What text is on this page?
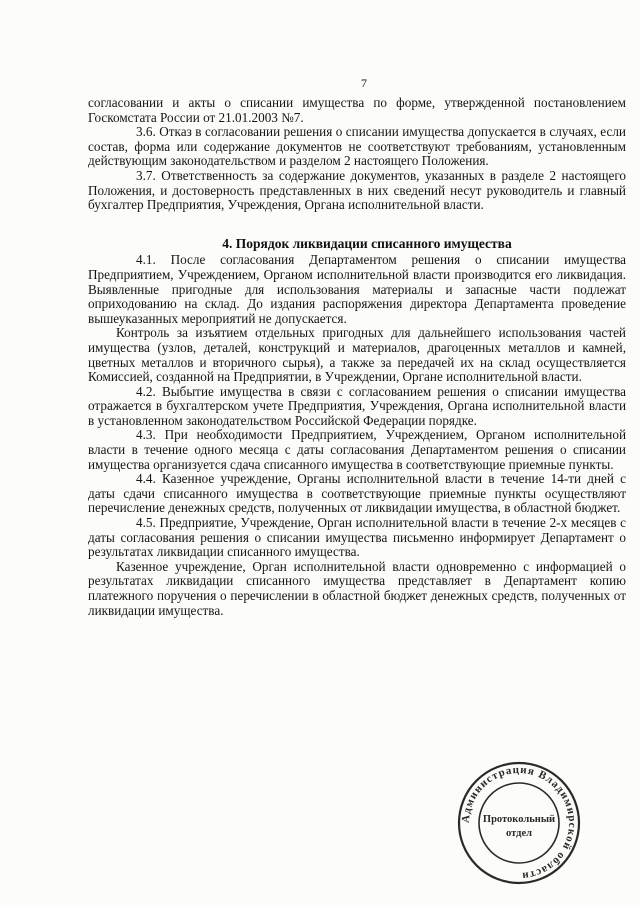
7

согласовании и акты о списании имущества по форме, утвержденной постановлением Госкомстата России от 21.01.2003 №7.

3.6. Отказ в согласовании решения о списании имущества допускается в случаях, если состав, форма или содержание документов не соответствуют требованиям, установленным действующим законодательством и разделом 2 настоящего Положения.

3.7. Ответственность за содержание документов, указанных в разделе 2 настоящего Положения, и достоверность представленных в них сведений несут руководитель и главный бухгалтер Предприятия, Учреждения, Органа исполнительной власти.

4. Порядок ликвидации списанного имущества

4.1. После согласования Департаментом решения о списании имущества Предприятием, Учреждением, Органом исполнительной власти производится его ликвидация. Выявленные пригодные для использования материалы и запасные части подлежат оприходованию на склад. До издания распоряжения директора Департамента проведение вышеуказанных мероприятий не допускается.

Контроль за изъятием отдельных пригодных для дальнейшего использования частей имущества (узлов, деталей, конструкций и материалов, драгоценных металлов и камней, цветных металлов и вторичного сырья), а также за передачей их на склад осуществляется Комиссией, созданной на Предприятии, в Учреждении, Органе исполнительной власти.

4.2. Выбытие имущества в связи с согласованием решения о списании имущества отражается в бухгалтерском учете Предприятия, Учреждения, Органа исполнительной власти в установленном законодательством Российской Федерации порядке.

4.3. При необходимости Предприятием, Учреждением, Органом исполнительной власти в течение одного месяца с даты согласования Департаментом решения о списании имущества организуется сдача списанного имущества в соответствующие приемные пункты.

4.4. Казенное учреждение, Органы исполнительной власти в течение 14-ти дней с даты сдачи списанного имущества в соответствующие приемные пункты осуществляют перечисление денежных средств, полученных от ликвидации имущества, в областной бюджет.

4.5. Предприятие, Учреждение, Орган исполнительной власти в течение 2-х месяцев с даты согласования решения о списании имущества письменно информирует Департамент о результатах ликвидации списанного имущества.

Казенное учреждение, Орган исполнительной власти одновременно с информацией о результатах ликвидации списанного имущества представляет в Департамент копию платежного поручения о перечислении в областной бюджет денежных средств, полученных от ликвидации имущества.

Администрация Владимирской области
Протокольный
отдел
